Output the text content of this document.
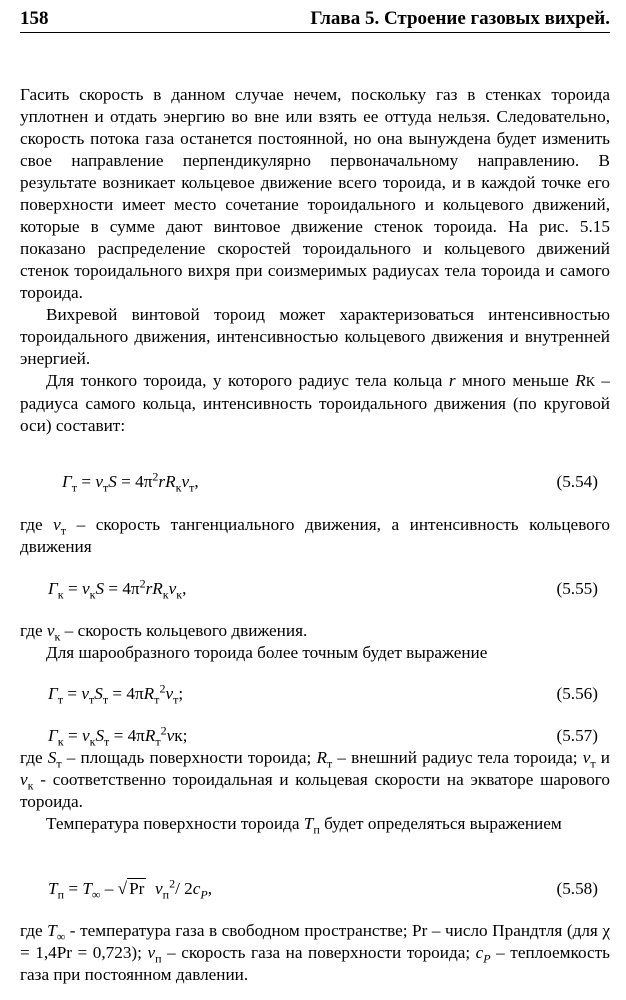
158	Глава 5. Строение газовых вихрей.

Гасить скорость в данном случае нечем, поскольку газ в стенках тороида уплотнен и отдать энергию во вне или взять ее оттуда нельзя. Следовательно, скорость потока газа останется постоянной, но она вынуждена будет изменить свое направление перпендикулярно первоначальному направлению. В результате возникает кольцевое движение всего тороида, и в каждой точке его поверхности имеет место сочетание тороидального и кольцевого движений, которые в сумме дают винтовое движение стенок тороида. На рис. 5.15 показано распределение скоростей тороидального и кольцевого движений стенок тороидального вихря при соизмеримых радиусах тела тороида и самого тороида.

Вихревой винтовой тороид может характеризоваться интенсивностью тороидального движения, интенсивностью кольцевого движения и внутренней энергией.

Для тонкого тороида, у которого радиус тела кольца r много меньше RК – радиуса самого кольца, интенсивность тороидального движения (по круговой оси) составит:

$Г_т = v_тS = 4\pi^2rR_кv_т$,	(5.54)

где $v_т$ – скорость тангенциального движения, а интенсивность кольцевого движения

$Г_к = v_кS = 4\pi^2rR_кv_к$,	(5.55)

где $v_к$ – скорость кольцевого движения.

Для шарообразного тороида более точным будет выражение

$Г_т = v_тS_т = 4\pi R_т^2v_т$;	(5.56)
$Г_к = v_кS_т = 4\pi R_т^2vк$;	(5.57)

где $S_т$ – площадь поверхности тороида; $R_т$ – внешний радиус тела тороида; $v_т$ и $v_к$ - соответственно тороидальная и кольцевая скорости на экваторе шарового тороида.

Температура поверхности тороида $T_п$ будет определяться выражением

$T_п = T_\infty$ – √ Pr $v_п^2/$ $2c_P$,	(5.58)

где $T_\infty$ - температура газа в свободном пространстве; Pr – число Прандтля (для χ = 1,4Pr = 0,723); $v_п$ – скорость газа на поверхности тороида; $c_P$ – теплоемкость газа при постоянном давлении.
